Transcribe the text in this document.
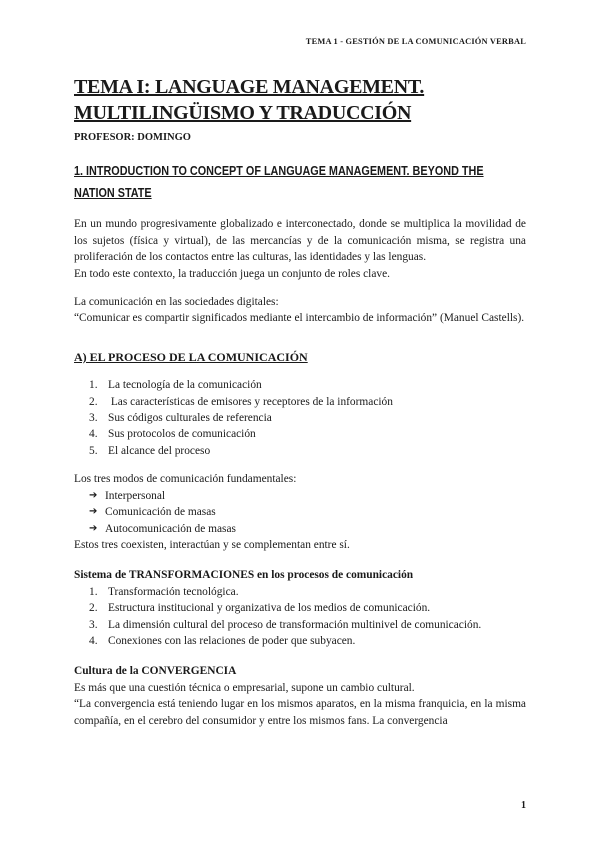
TEMA 1 - GESTIÓN DE LA COMUNICACIÓN VERBAL
TEMA I: LANGUAGE MANAGEMENT.
MULTILINGÜISMO Y TRADUCCIÓN
PROFESOR: DOMINGO
1. INTRODUCTION TO CONCEPT OF LANGUAGE MANAGEMENT. BEYOND THE NATION STATE

En un mundo progresivamente globalizado e interconectado, donde se multiplica la movilidad de los sujetos (física y virtual), de las mercancías y de la comunicación misma, se registra una proliferación de los contactos entre las culturas, las identidades y las lenguas.

En todo este contexto, la traducción juega un conjunto de roles clave.

La comunicación en las sociedades digitales:

“Comunicar es compartir significados mediante el intercambio de información” (Manuel Castells).

A) EL PROCESO DE LA COMUNICACIÓN
1. La tecnología de la comunicación
2. Las características de emisores y receptores de la información
3. Sus códigos culturales de referencia
4. Sus protocolos de comunicación
5. El alcance del proceso

Los tres modos de comunicación fundamentales:

➔ Interpersonal
➔ Comunicación de masas
➔ Autocomunicación de masas

Estos tres coexisten, interactúan y se complementan entre sí.

Sistema de TRANSFORMACIONES en los procesos de comunicación

1. Transformación tecnológica.
2. Estructura institucional y organizativa de los medios de comunicación.
3. La dimensión cultural del proceso de transformación multinivel de comunicación.
4. Conexiones con las relaciones de poder que subyacen.

Cultura de la CONVERGENCIA

Es más que una cuestión técnica o empresarial, supone un cambio cultural.

“La convergencia está teniendo lugar en los mismos aparatos, en la misma franquicia, en la misma compañía, en el cerebro del consumidor y entre los mismos fans. La convergencia

1
